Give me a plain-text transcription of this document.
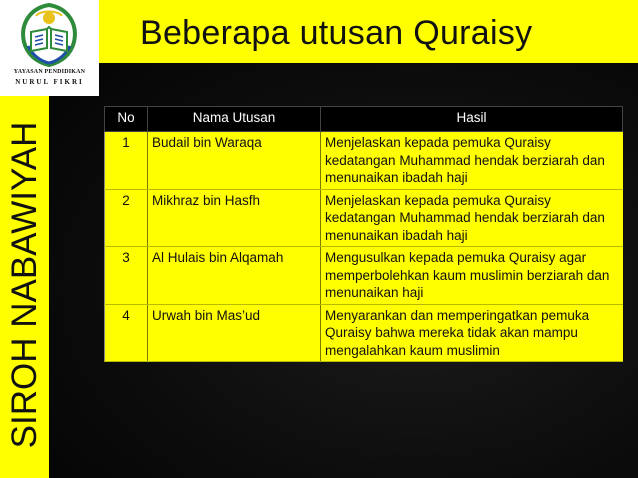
Beberapa utusan Quraisy
YAYASAN PENDIDIKAN
NURUL FIKRI
SIROH NABAWIYAH
No	Nama Utusan	Hasil
1	Budail bin Waraqa	Menjelaskan kepada pemuka Quraisy kedatangan Muhammad hendak berziarah dan menunaikan ibadah haji
2	Mikhraz bin Hasfh	Menjelaskan kepada pemuka Quraisy kedatangan Muhammad hendak berziarah dan menunaikan ibadah haji
3	Al Hulais bin Alqamah	Mengusulkan kepada pemuka Quraisy agar memperbolehkan kaum muslimin berziarah dan menunaikan haji
4	Urwah bin Mas’ud	Menyarankan dan memperingatkan pemuka Quraisy bahwa mereka tidak akan mampu mengalahkan kaum muslimin
